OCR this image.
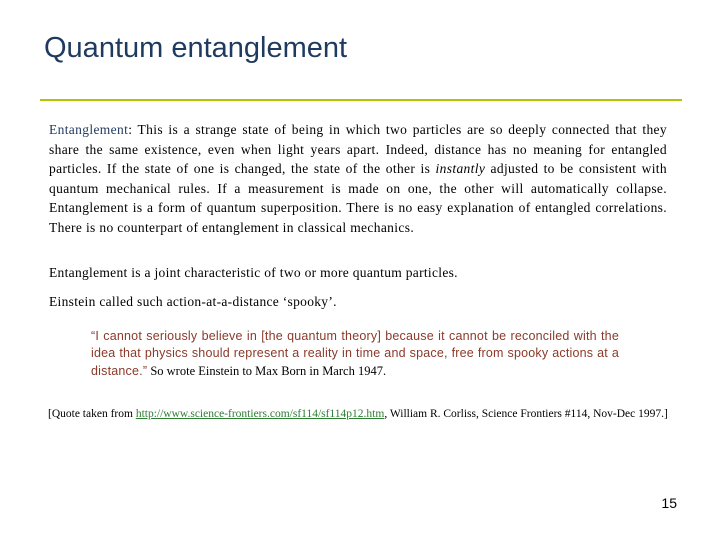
Quantum entanglement
Entanglement: This is a strange state of being in which two particles are so deeply connected that they share the same existence, even when light years apart. Indeed, distance has no meaning for entangled particles. If the state of one is changed, the state of the other is instantly adjusted to be consistent with quantum mechanical rules. If a measurement is made on one, the other will automatically collapse. Entanglement is a form of quantum superposition. There is no easy explanation of entangled correlations. There is no counterpart of entanglement in classical mechanics.
Entanglement is a joint characteristic of two or more quantum particles.
Einstein called such action-at-a-distance ‘spooky’.
“I cannot seriously believe in [the quantum theory] because it cannot be reconciled with the idea that physics should represent a reality in time and space, free from spooky actions at a distance.” So wrote Einstein to Max Born in March 1947.
[Quote taken from http://www.science-frontiers.com/sf114/sf114p12.htm, William R. Corliss, Science Frontiers #114, Nov-Dec 1997.]
15
